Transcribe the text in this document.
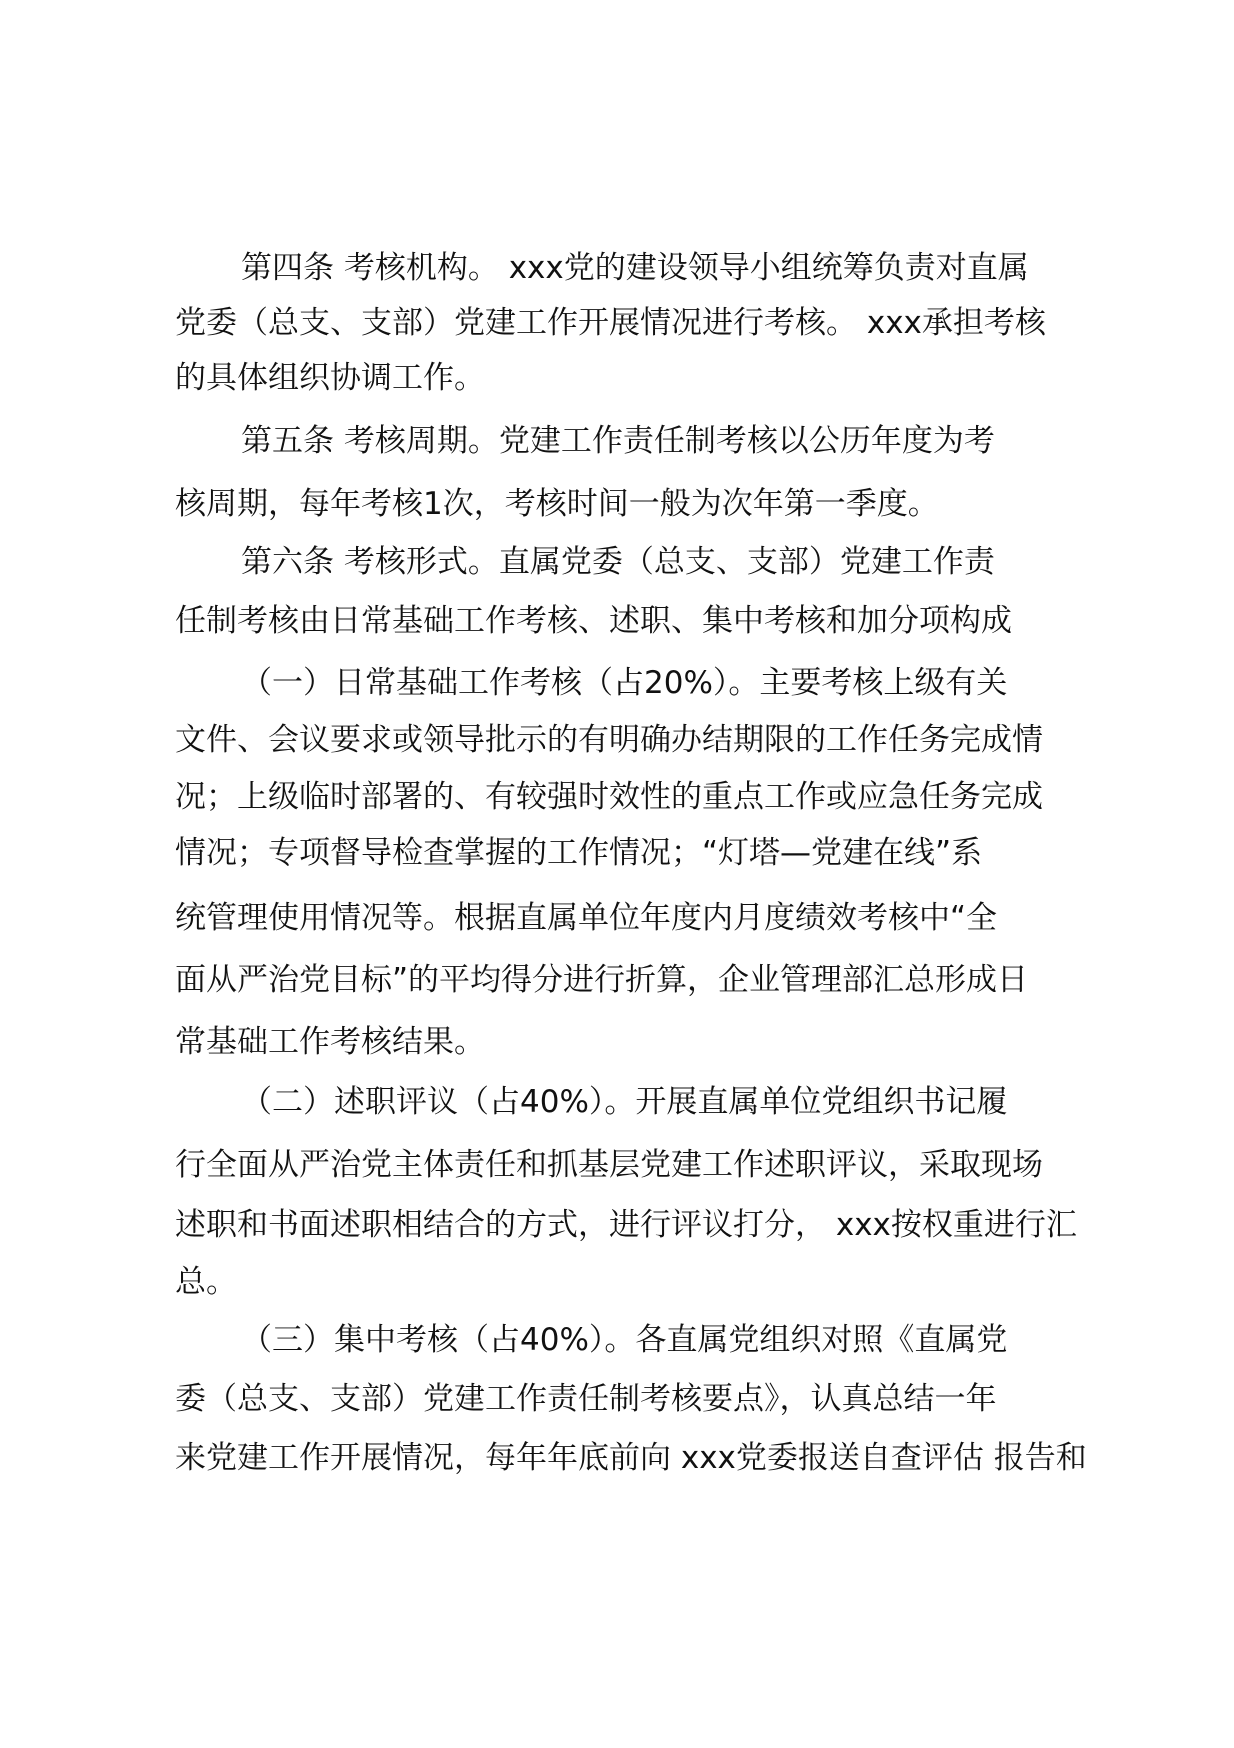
第四条 考核机构。 xxx党的建设领导小组统筹负责对直属
党委（总支、支部）党建工作开展情况进行考核。 xxx承担考核
的具体组织协调工作。
第五条 考核周期。党建工作责任制考核以公历年度为考
核周期，每年考核1次，考核时间一般为次年第一季度。
第六条 考核形式。直属党委（总支、支部）党建工作责
任制考核由日常基础工作考核、述职、集中考核和加分项构成
（一）日常基础工作考核（占20%）。主要考核上级有关
文件、会议要求或领导批示的有明确办结期限的工作任务完成情
况；上级临时部署的、有较强时效性的重点工作或应急任务完成
情况；专项督导检查掌握的工作情况；“灯塔—党建在线”系
统管理使用情况等。根据直属单位年度内月度绩效考核中“全
面从严治党目标”的平均得分进行折算，企业管理部汇总形成日
常基础工作考核结果。
（二）述职评议（占40%）。开展直属单位党组织书记履
行全面从严治党主体责任和抓基层党建工作述职评议，采取现场
述职和书面述职相结合的方式，进行评议打分， xxx按权重进行汇
总。
（三）集中考核（占40%）。各直属党组织对照《直属党
委（总支、支部）党建工作责任制考核要点》，认真总结一年
来党建工作开展情况，每年年底前向 xxx党委报送自查评估 报告和
